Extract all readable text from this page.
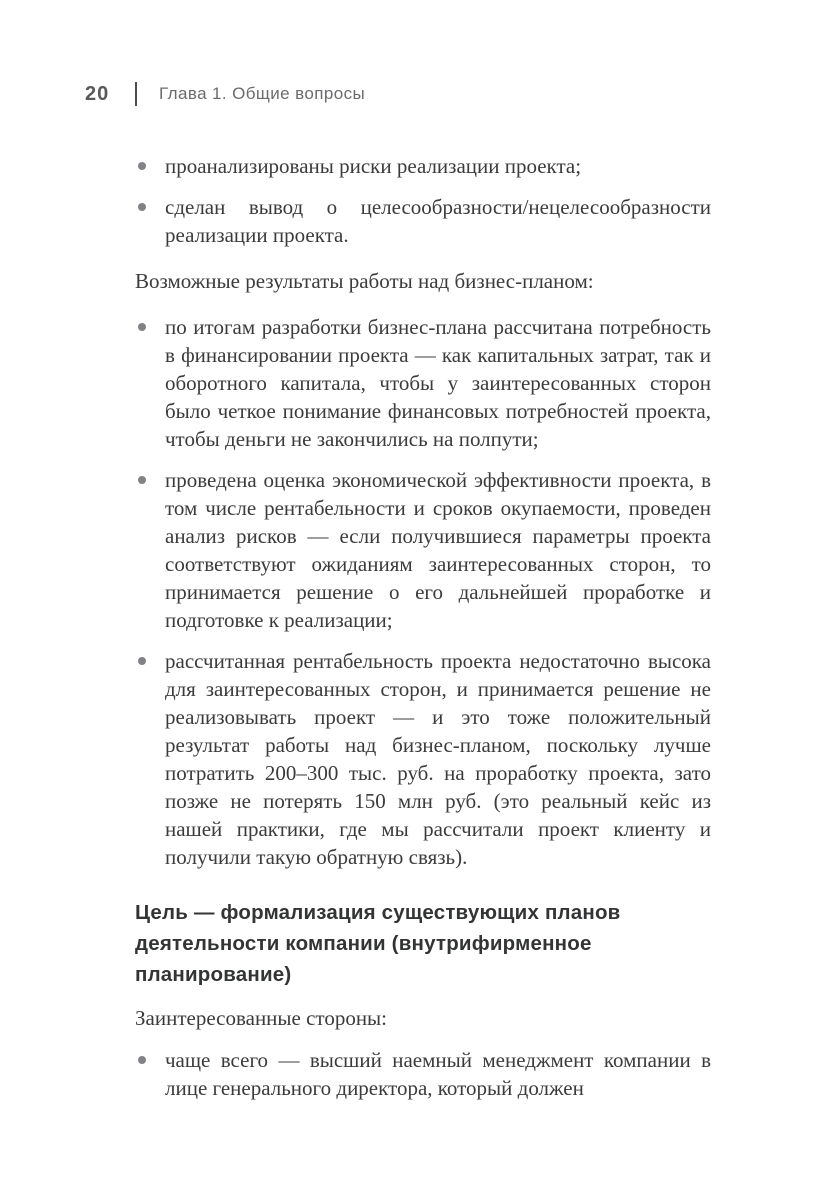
20	Глава 1. Общие вопросы
проанализированы риски реализации проекта;
сделан вывод о целесообразности/нецелесообразности реализации проекта.
Возможные результаты работы над бизнес-планом:
по итогам разработки бизнес-плана рассчитана потребность в финансировании проекта — как капитальных затрат, так и оборотного капитала, чтобы у заинтересованных сторон было четкое понимание финансовых потребностей проекта, чтобы деньги не закончились на полпути;
проведена оценка экономической эффективности проекта, в том числе рентабельности и сроков окупаемости, проведен анализ рисков — если получившиеся параметры проекта соответствуют ожиданиям заинтересованных сторон, то принимается решение о его дальнейшей проработке и подготовке к реализации;
рассчитанная рентабельность проекта недостаточно высока для заинтересованных сторон, и принимается решение не реализовывать проект — и это тоже положительный результат работы над бизнес-планом, поскольку лучше потратить 200–300 тыс. руб. на проработку проекта, зато позже не потерять 150 млн руб. (это реальный кейс из нашей практики, где мы рассчитали проект клиенту и получили такую обратную связь).
Цель — формализация существующих планов деятельности компании (внутрифирменное планирование)
Заинтересованные стороны:
чаще всего — высший наемный менеджмент компании в лице генерального директора, который должен
